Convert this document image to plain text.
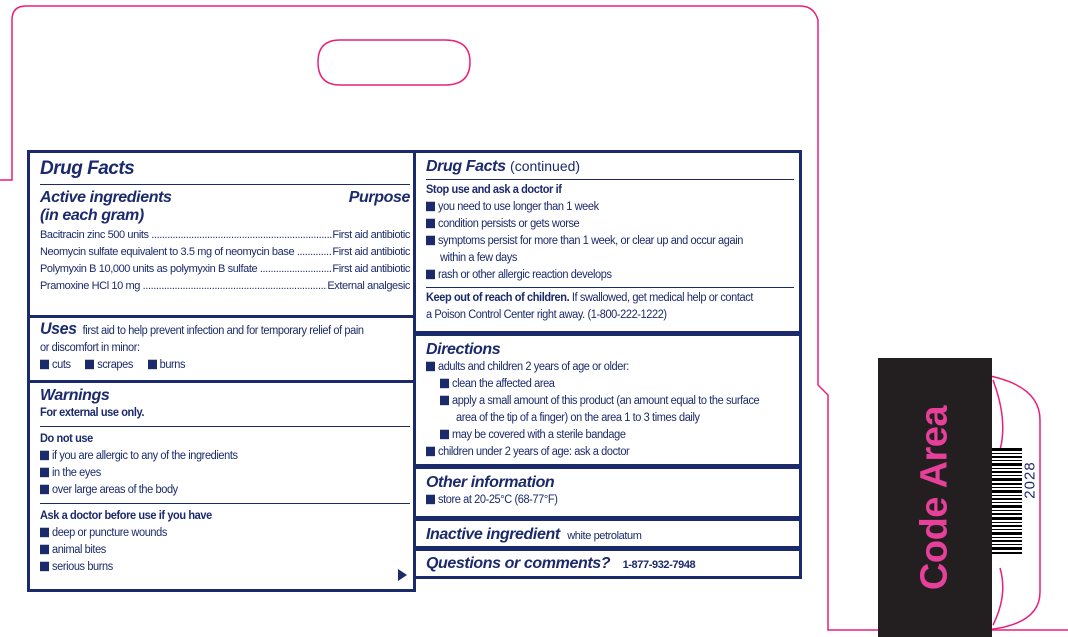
Drug Facts
Active ingredients
(in each gram)
Purpose
Bacitracin zinc 500 units .....	First aid antibiotic
Neomycin sulfate equivalent to 3.5 mg of neomycin base .....	First aid antibiotic
Polymyxin B 10,000 units as polymyxin B sulfate .....	First aid antibiotic
Pramoxine HCl 10 mg .....	External analgesic
Uses first aid to help prevent infection and for temporary relief of pain
or discomfort in minor:
cuts scrapes burns
Warnings
For external use only.
Do not use
if you are allergic to any of the ingredients
in the eyes
over large areas of the body
Ask a doctor before use if you have
deep or puncture wounds
animal bites
serious burns
Drug Facts (continued)
Stop use and ask a doctor if
you need to use longer than 1 week
condition persists or gets worse
symptoms persist for more than 1 week, or clear up and occur again
within a few days
rash or other allergic reaction develops
Keep out of reach of children. If swallowed, get medical help or contact
a Poison Control Center right away. (1-800-222-1222)
Directions
adults and children 2 years of age or older:
clean the affected area
apply a small amount of this product (an amount equal to the surface
area of the tip of a finger) on the area 1 to 3 times daily
may be covered with a sterile bandage
children under 2 years of age: ask a doctor
Other information
store at 20-25°C (68-77°F)
Inactive ingredient white petrolatum
Questions or comments? 1-877-932-7948	Code Area	2028
